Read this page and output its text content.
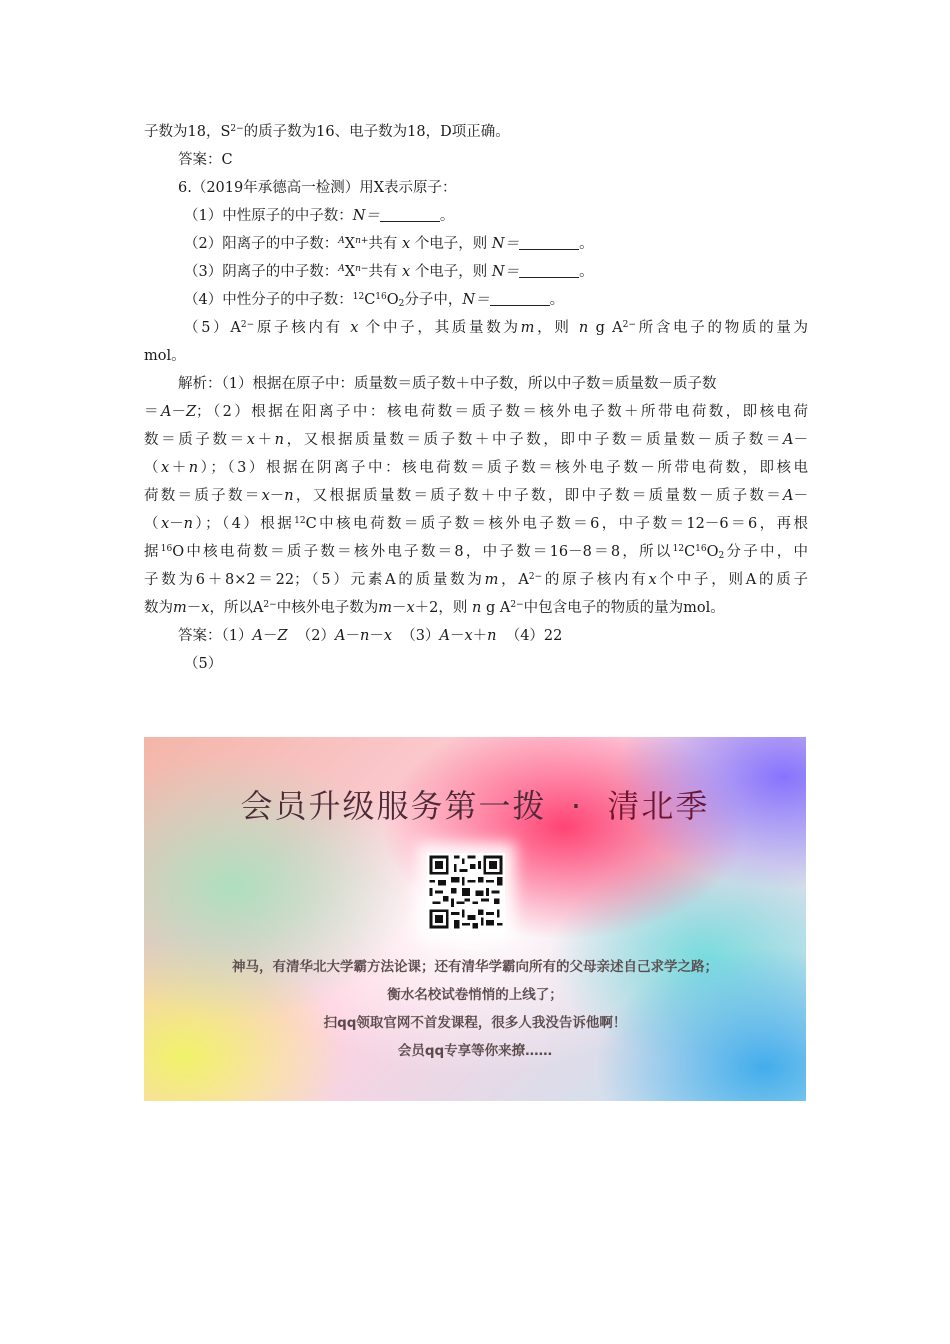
子数为18，$S^{2-}$的质子数为16、电子数为18，D项正确。
答案：C
6.（2019年承德高一检测）用X表示原子：
（1）中性原子的中子数：N＝	。
（2）阳离子的中子数：$^AX^{n+}$共有 x 个电子，则 N＝	。
（3）阴离子的中子数：$^AX^{n-}$共有 x 个电子，则 N＝	。
（4）中性分子的中子数：$^{12}C^{16}O_2$分子中，N＝	。
$(5)A^{2-}$原子核内有 x 个中子，其质量数为m，则 n g $A^{2-}$所含电子的物质的量为
mol。
解析：（1）根据在原子中：质量数＝质子数＋中子数，所以中子数＝质量数－质子数
＝A－Z；（2）根据在阳离子中：核电荷数＝质子数＝核外电子数＋所带电荷数，即核电荷
数＝质子数＝x＋n，又根据质量数＝质子数＋中子数，即中子数＝质量数－质子数＝A－
（x＋n）；（3）根据在阴离子中：核电荷数＝质子数＝核外电子数－所带电荷数，即核电
荷数＝质子数＝x－n，又根据质量数＝质子数＋中子数，即中子数＝质量数－质子数＝A－
（x－n）；（4）根据$^{12}$C中核电荷数＝质子数＝核外电子数＝6，中子数＝12－6＝6，再根
据$^{16}$O中核电荷数＝质子数＝核外电子数＝8，中子数＝16－8＝8，所以$^{12}C^{16}O_2$分子中，中
子数为6＋8×2＝22；（5）元素A的质量数为m，$A^{2-}$的原子核内有x个中子，则A的质子
数为m－x，所以$A^{2-}$中核外电子数为m－x＋2，则 n g $A^{2-}$中包含电子的物质的量为mol。
答案：（1）A－Z （2）A－n－x （3）A－x＋n （4）22
（5）
会员升级服务第一拨 · 清北季
神马，有清华北大学霸方法论课；还有清华学霸向所有的父母亲述自己求学之路；
衡水名校试卷悄悄的上线了；
扫qq领取官网不首发课程，很多人我没告诉他啊！
会员qq专享等你来撩……
